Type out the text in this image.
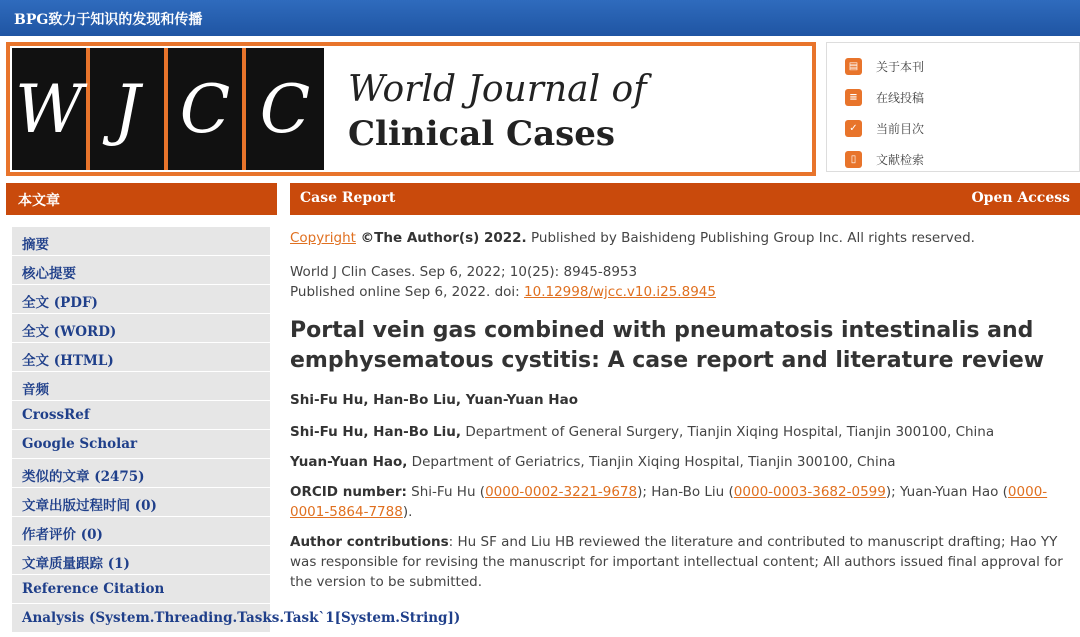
BPG致力于知识的发现和传播
W J C C	World Journal of
Clinical Cases
▤	关于本刊
≡	在线投稿
✓	当前目次
▯	文献检索
本文章
摘要
核心提要
全文 (PDF)
全文 (WORD)
全文 (HTML)
音频
CrossRef
Google Scholar
类似的文章 (2475)
文章出版过程时间 (0)
作者评价 (0)
文章质量跟踪 (1)
Reference Citation
Analysis (System.Threading.Tasks.Task`1[System.String])
Case Report	Open Access

Copyright ©The Author(s) 2022. Published by Baishideng Publishing Group Inc. All rights reserved.

World J Clin Cases. Sep 6, 2022; 10(25): 8945-8953

Published online Sep 6, 2022. doi: 10.12998/wjcc.v10.i25.8945

Portal vein gas combined with pneumatosis intestinalis and emphysematous cystitis: A case report and literature review

Shi-Fu Hu, Han-Bo Liu, Yuan-Yuan Hao

Shi-Fu Hu, Han-Bo Liu, Department of General Surgery, Tianjin Xiqing Hospital, Tianjin 300100, China

Yuan-Yuan Hao, Department of Geriatrics, Tianjin Xiqing Hospital, Tianjin 300100, China

ORCID number: Shi-Fu Hu (0000-0002-3221-9678); Han-Bo Liu (0000-0003-3682-0599); Yuan-Yuan Hao (0000-0001-5864-7788).

Author contributions: Hu SF and Liu HB reviewed the literature and contributed to manuscript drafting; Hao YY was responsible for revising the manuscript for important intellectual content; All authors issued final approval for the version to be submitted.
